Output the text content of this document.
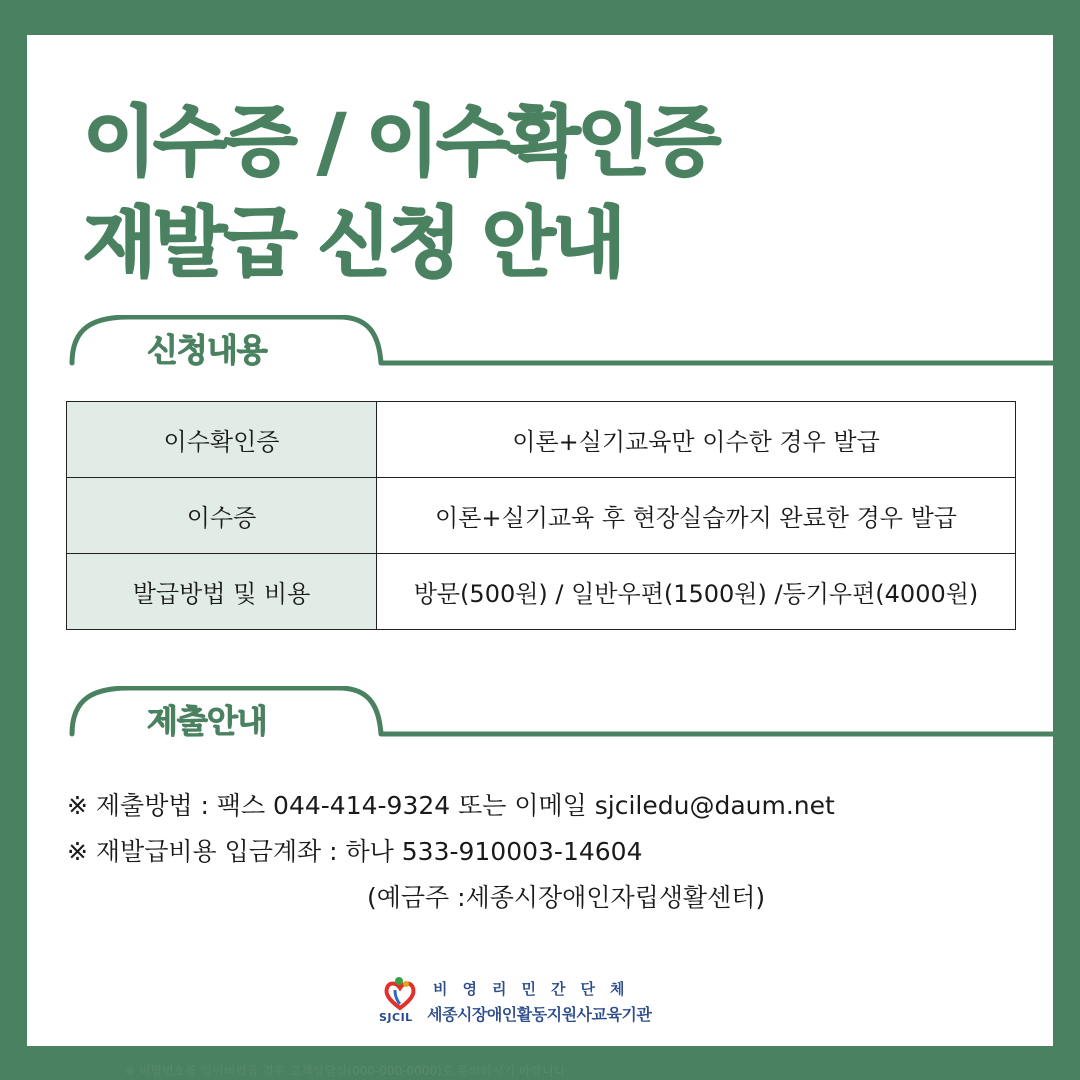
이수증 / 이수확인증
재발급 신청 안내
신청내용
이수확인증	이론+실기교육만 이수한 경우 발급
이수증	이론+실기교육 후 현장실습까지 완료한 경우 발급
발급방법 및 비용	방문(500원) / 일반우편(1500원) /등기우편(4000원)
제출안내
※ 제출방법 : 팩스 044-414-9324 또는 이메일 sjciledu@daum.net
※ 재발급비용 입금계좌 : 하나 533-910003-14604
(예금주 :세종시장애인자립생활센터)
SJCIL
비영리민간단체
세종시장애인활동지원사교육기관
※ 비밀번호를 잊어버렸을 경우 고객상담실(000-000-0000)로 문의하시기 바랍니다
